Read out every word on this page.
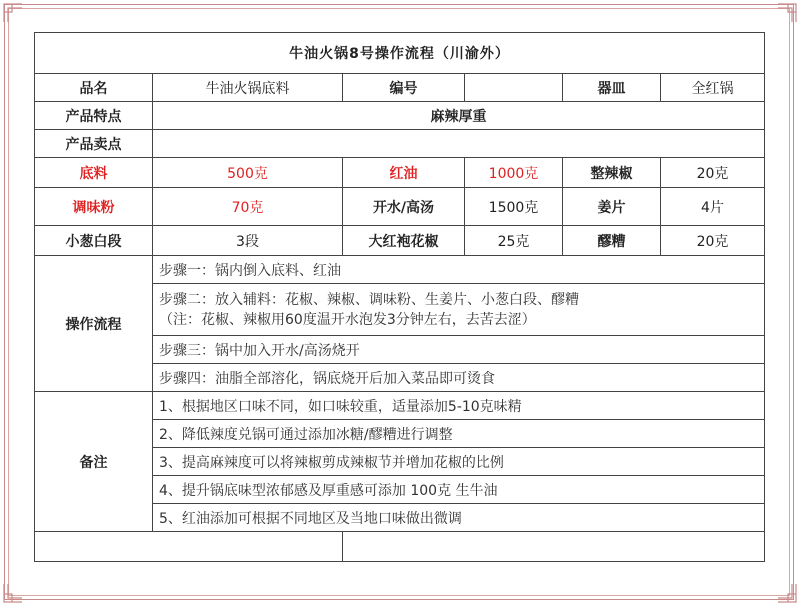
牛油火锅8号操作流程（川渝外）					
品名	牛油火锅底料	编号		器皿	全红锅
产品特点	麻辣厚重				
产品卖点					
底料	500克	红油	1000克	整辣椒	20克
调味粉	70克	开水/高汤	1500克	姜片	4片
小葱白段	3段	大红袍花椒	25克	醪糟	20克
操作流程	步骤一：锅内倒入底料、红油				

	步骤二：放入辅料：花椒、辣椒、调味粉、生姜片、小葱白段、醪糟
（注：花椒、辣椒用60度温开水泡发3分钟左右，去苦去涩）				

	步骤三：锅中加入开水/高汤烧开				
	步骤四：油脂全部溶化，锅底烧开后加入菜品即可烫食				
备注	1、根据地区口味不同，如口味较重，适量添加5-10克味精				
	2、降低辣度兑锅可通过添加冰糖/醪糟进行调整				
	3、提高麻辣度可以将辣椒剪成辣椒节并增加花椒的比例				
	4、提升锅底味型浓郁感及厚重感可添加 100克 生牛油				
	5、红油添加可根据不同地区及当地口味做出微调				
